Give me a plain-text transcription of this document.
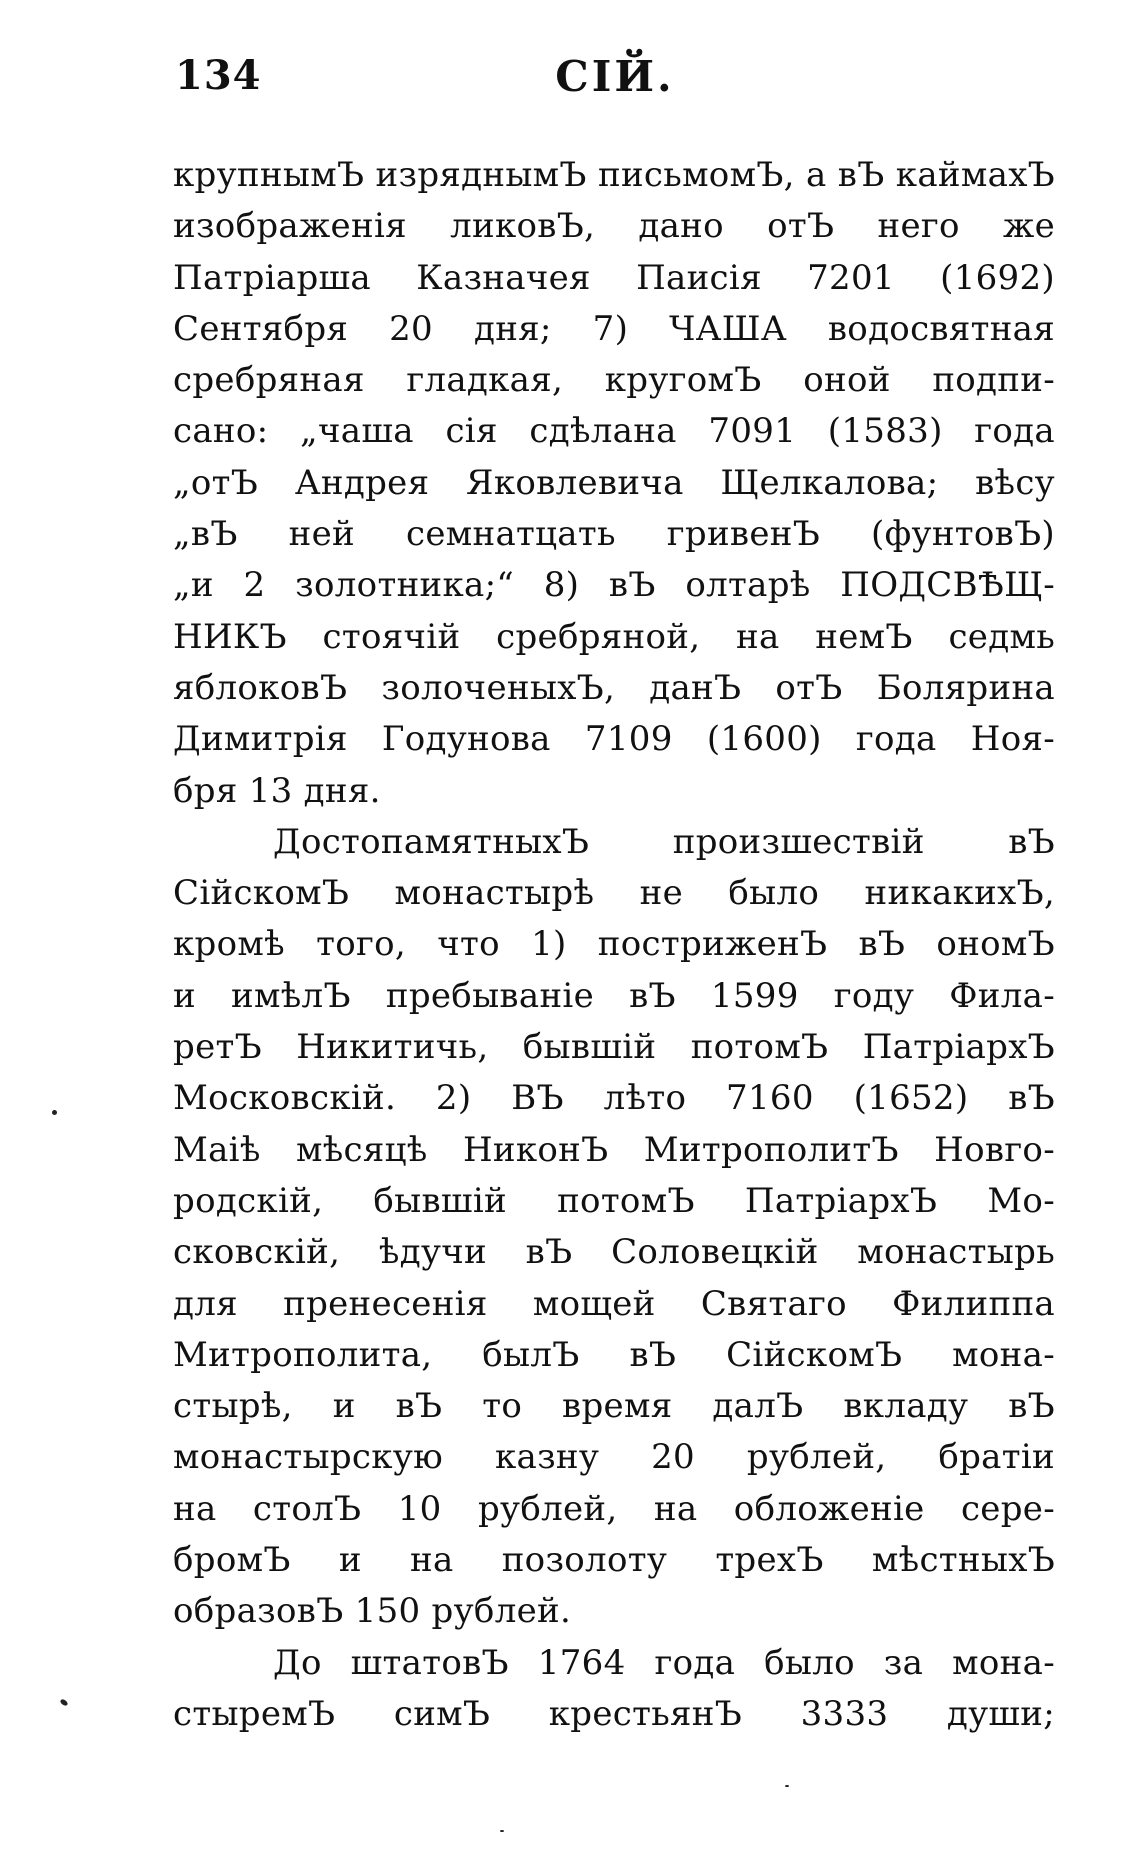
134	СІЙ.
крупнымЪ изряднымЪ письмомЪ, а вЪ каймахЪ
изображенія ликовЪ, дано отЪ него же
Патріарша Казначея Паисія 7201 (1692)
Сентября 20 дня; 7) ЧАША водосвятная
сребряная гладкая, кругомЪ оной подпи-
сано: „чаша сія сдѣлана 7091 (1583) года
„отЪ Андрея Яковлевича Щелкалова; вѣсу
„вЪ ней семнатцать гривенЪ (фунтовЪ)
„и 2 золотника;“ 8) вЪ олтарѣ ПОДСВѢЩ-
НИКЪ стоячій сребряной, на немЪ седмь
яблоковЪ золоченыхЪ, данЪ отЪ Болярина
Димитрія Годунова 7109 (1600) года Ноя-
бря 13 дня.
ДостопамятныхЪ произшествій вЪ
СійскомЪ монастырѣ не было никакихЪ,
кромѣ того, что 1) постриженЪ вЪ ономЪ
и имѣлЪ пребываніе вЪ 1599 году Фила-
ретЪ Никитичь, бывшій потомЪ ПатріархЪ
Московскій. 2) ВЪ лѣто 7160 (1652) вЪ
Маіѣ мѣсяцѣ НиконЪ МитрополитЪ Новго-
родскій, бывшій потомЪ ПатріархЪ Мо-
сковскій, ѣдучи вЪ Соловецкій монастырь
для пренесенія мощей Святаго Филиппа
Митрополита, былЪ вЪ СійскомЪ мона-
стырѣ, и вЪ то время далЪ вкладу вЪ
монастырскую казну 20 рублей, братіи
на столЪ 10 рублей, на обложеніе сере-
бромЪ и на позолоту трехЪ мѣстныхЪ
образовЪ 150 рублей.
До штатовЪ 1764 года было за мона-
стыремЪ симЪ крестьянЪ 3333 души;
